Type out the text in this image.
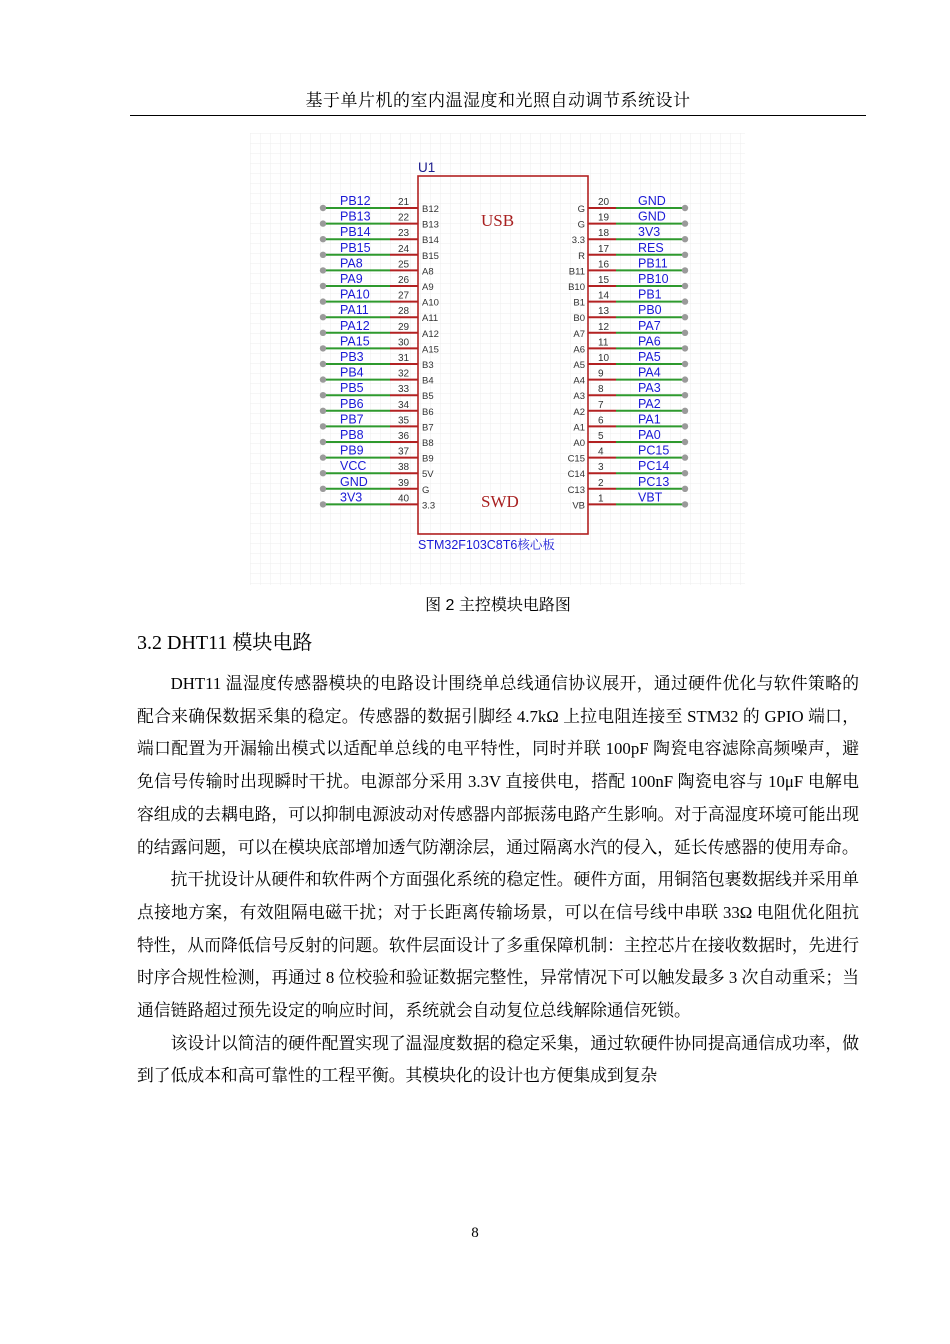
基于单片机的室内温湿度和光照自动调节系统设计
U1
USB
SWD
STM32F103C8T6核心板
PB12	21
B12
PB13	22
B13
PB14	23
B14
PB15	24
B15
PA8	25
A8
PA9	26
A9
PA10	27
A10
PA11	28
A11
PA12	29
A12
PA15	30
A15
PB3	31
B3
PB4	32
B4
PB5	33
B5
PB6	34
B6
PB7	35
B7
PB8	36
B8
PB9	37
B9
VCC	38
5V
GND	39
G
3V3	40
3.3
GND
20
G
GND
19
G
3V3
18
3.3
RES
17
R
PB11
16
B11
PB10
15
B10
PB1
14
B1
PB0
13
B0
PA7
12
A7
PA6
11
A6
PA5
10
A5
PA4
9
A4
PA3
8
A3
PA2
7
A2
PA1
6
A1
PA0
5
A0
PC15
4
C15
PC14
3
C14
PC13
2
C13
VBT
1
VB
图 2 主控模块电路图
3.2 DHT11 模块电路

DHT11 温湿度传感器模块的电路设计围绕单总线通信协议展开，通过硬件优化与软件策略的配合来确保数据采集的稳定。传感器的数据引脚经 4.7kΩ 上拉电阻连接至 STM32 的 GPIO 端口，端口配置为开漏输出模式以适配单总线的电平特性，同时并联 100pF 陶瓷电容滤除高频噪声，避免信号传输时出现瞬时干扰。电源部分采用 3.3V 直接供电，搭配 100nF 陶瓷电容与 10μF 电解电容组成的去耦电路，可以抑制电源波动对传感器内部振荡电路产生影响。对于高湿度环境可能出现的结露问题，可以在模块底部增加透气防潮涂层，通过隔离水汽的侵入，延长传感器的使用寿命。

抗干扰设计从硬件和软件两个方面强化系统的稳定性。硬件方面，用铜箔包裹数据线并采用单点接地方案，有效阻隔电磁干扰；对于长距离传输场景，可以在信号线中串联 33Ω 电阻优化阻抗特性，从而降低信号反射的问题。软件层面设计了多重保障机制：主控芯片在接收数据时，先进行时序合规性检测，再通过 8 位校验和验证数据完整性，异常情况下可以触发最多 3 次自动重采；当通信链路超过预先设定的响应时间，系统就会自动复位总线解除通信死锁。

该设计以简洁的硬件配置实现了温湿度数据的稳定采集，通过软硬件协同提高通信成功率，做到了低成本和高可靠性的工程平衡。其模块化的设计也方便集成到复杂

8
